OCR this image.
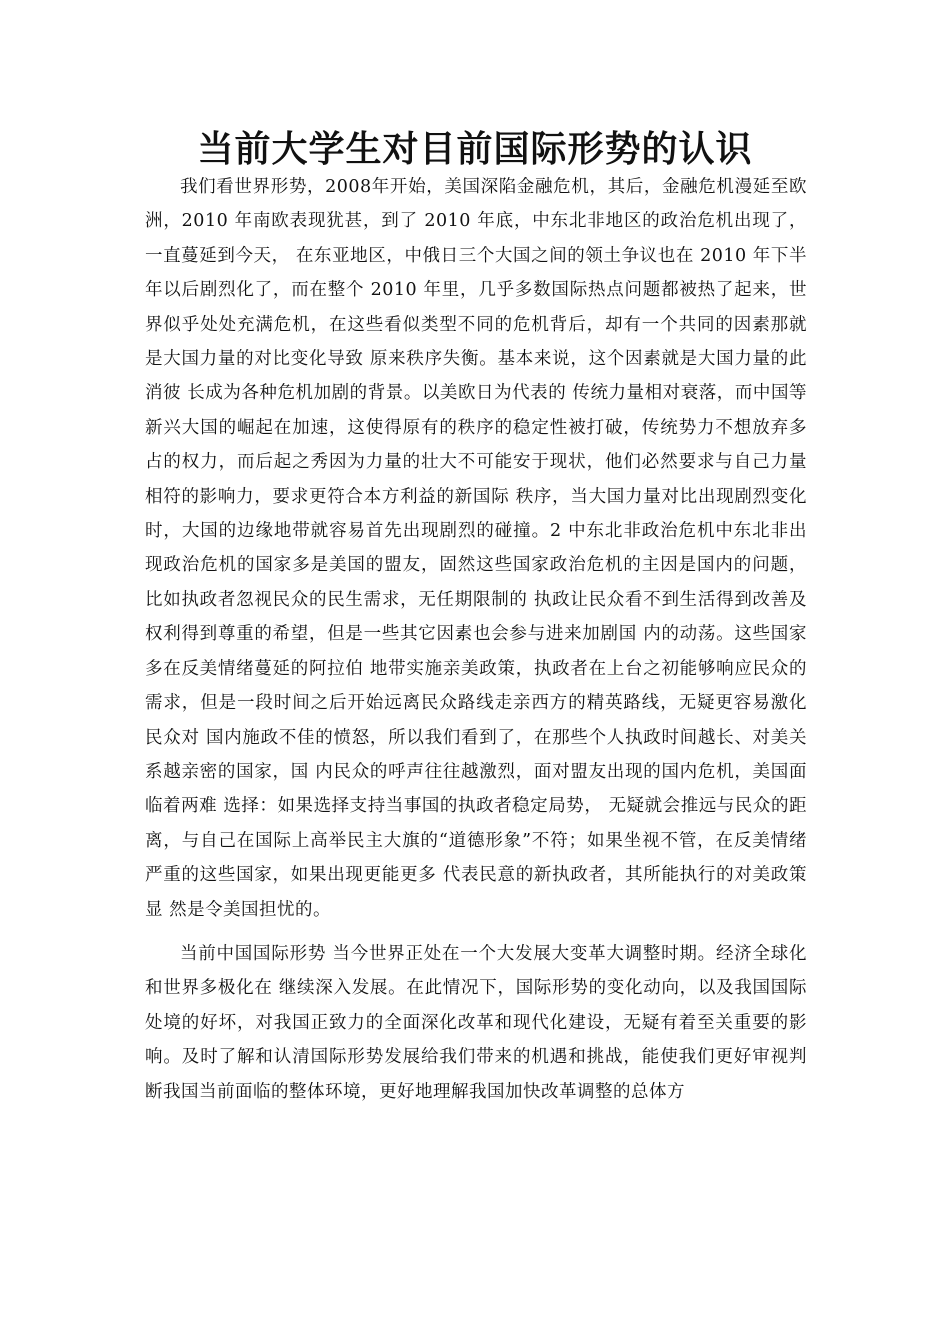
当前大学生对目前国际形势的认识

我们看世界形势，2008年开始，美国深陷金融危机，其后，金融危机漫延至欧洲，2010 年南欧表现犹甚，到了 2010 年底，中东北非地区的政治危机出现了，一直蔓延到今天， 在东亚地区，中俄日三个大国之间的领土争议也在 2010 年下半年以后剧烈化了，而在整个 2010 年里，几乎多数国际热点问题都被热了起来，世界似乎处处充满危机，在这些看似类型不同的危机背后，却有一个共同的因素那就是大国力量的对比变化导致 原来秩序失衡。基本来说，这个因素就是大国力量的此消彼 长成为各种危机加剧的背景。以美欧日为代表的 传统力量相对衰落，而中国等新兴大国的崛起在加速，这使得原有的秩序的稳定性被打破，传统势力不想放弃多占的权力，而后起之秀因为力量的壮大不可能安于现状，他们必然要求与自己力量相符的影响力，要求更符合本方利益的新国际 秩序，当大国力量对比出现剧烈变化时，大国的边缘地带就容易首先出现剧烈的碰撞。2 中东北非政治危机中东北非出现政治危机的国家多是美国的盟友，固然这些国家政治危机的主因是国内的问题，比如执政者忽视民众的民生需求，无任期限制的 执政让民众看不到生活得到改善及权利得到尊重的希望，但是一些其它因素也会参与进来加剧国 内的动荡。这些国家多在反美情绪蔓延的阿拉伯 地带实施亲美政策，执政者在上台之初能够响应民众的需求，但是一段时间之后开始远离民众路线走亲西方的精英路线，无疑更容易激化民众对 国内施政不佳的愤怒，所以我们看到了，在那些个人执政时间越长、对美关系越亲密的国家，国 内民众的呼声往往越激烈，面对盟友出现的国内危机，美国面临着两难 选择：如果选择支持当事国的执政者稳定局势， 无疑就会推远与民众的距离，与自己在国际上高举民主大旗的“道德形象”不符；如果坐视不管，在反美情绪严重的这些国家，如果出现更能更多 代表民意的新执政者，其所能执行的对美政策显 然是令美国担忧的。

当前中国国际形势 当今世界正处在一个大发展大变革大调整时期。经济全球化和世界多极化在 继续深入发展。在此情况下，国际形势的变化动向，以及我国国际处境的好坏，对我国正致力的全面深化改革和现代化建设，无疑有着至关重要的影响。及时了解和认清国际形势发展给我们带来的机遇和挑战，能使我们更好审视判断我国当前面临的整体环境，更好地理解我国加快改革调整的总体方
